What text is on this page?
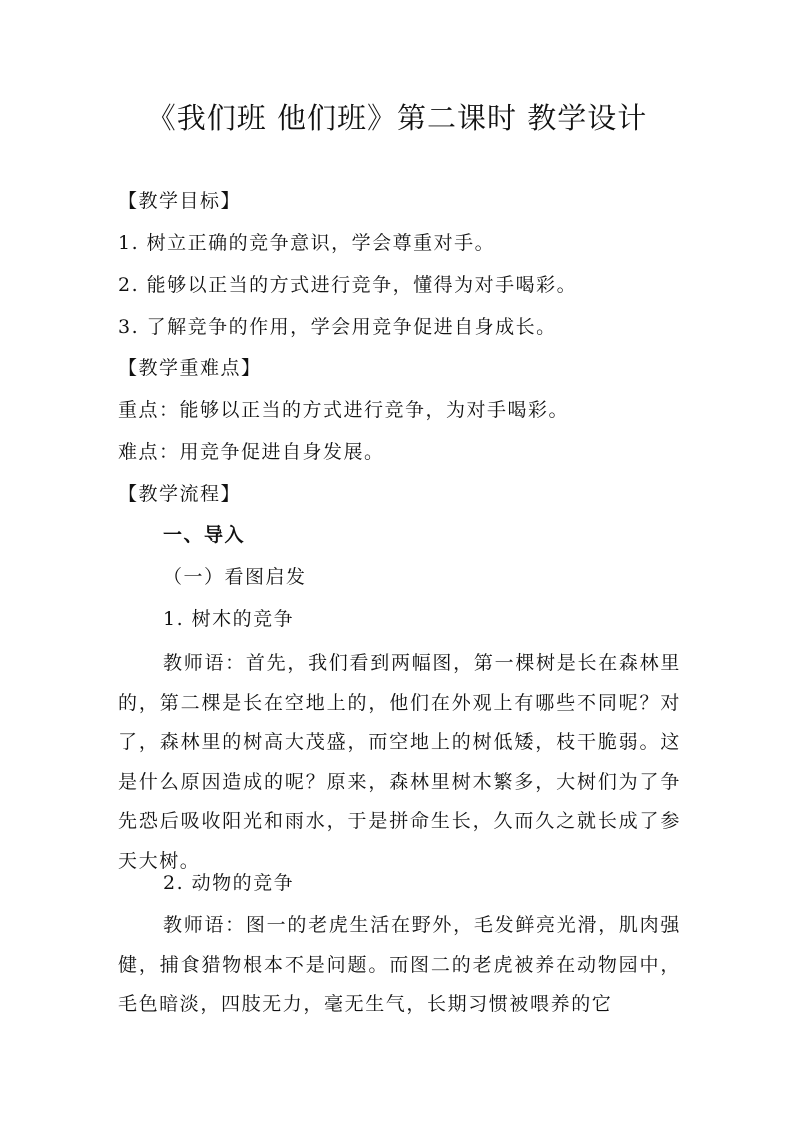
《我们班 他们班》第二课时 教学设计
【教学目标】
1. 树立正确的竞争意识，学会尊重对手。
2. 能够以正当的方式进行竞争，懂得为对手喝彩。
3. 了解竞争的作用，学会用竞争促进自身成长。
【教学重难点】
重点：能够以正当的方式进行竞争，为对手喝彩。
难点：用竞争促进自身发展。
【教学流程】
一、导入
（一）看图启发
1. 树木的竞争
教师语：首先，我们看到两幅图，第一棵树是长在森林里的，第二棵是长在空地上的，他们在外观上有哪些不同呢？对了，森林里的树高大茂盛，而空地上的树低矮，枝干脆弱。这是什么原因造成的呢？原来，森林里树木繁多，大树们为了争先恐后吸收阳光和雨水，于是拼命生长，久而久之就长成了参天大树。
2. 动物的竞争
教师语：图一的老虎生活在野外，毛发鲜亮光滑，肌肉强健，捕食猎物根本不是问题。而图二的老虎被养在动物园中，毛色暗淡，四肢无力，毫无生气，长期习惯被喂养的它
